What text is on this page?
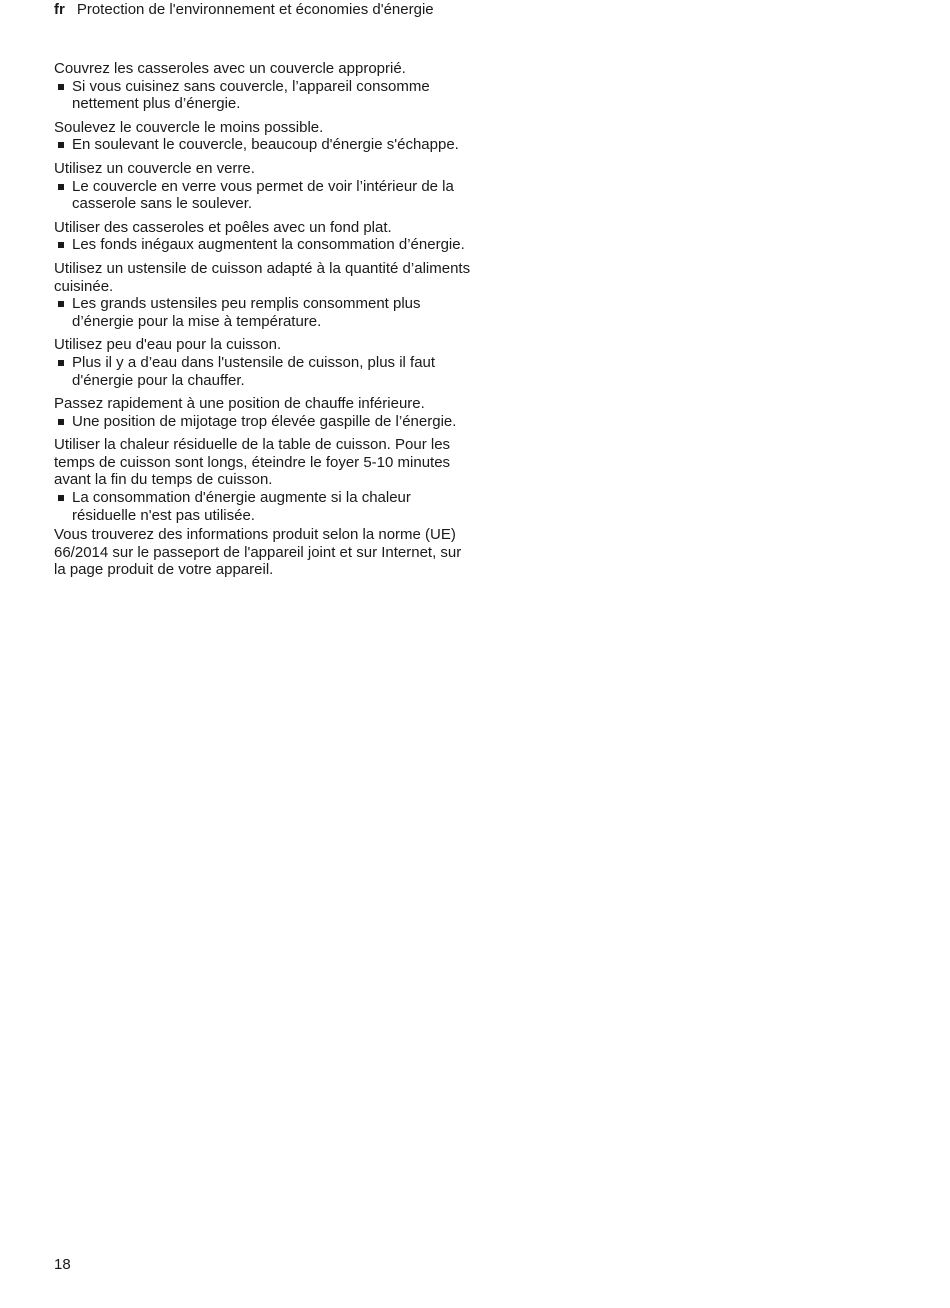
fr Protection de l'environnement et économies d'énergie

Couvrez les casseroles avec un couvercle approprié.

Si vous cuisinez sans couvercle, l’appareil consomme nettement plus d’énergie.

Soulevez le couvercle le moins possible.

En soulevant le couvercle, beaucoup d'énergie s'échappe.

Utilisez un couvercle en verre.

Le couvercle en verre vous permet de voir l’intérieur de la casserole sans le soulever.

Utiliser des casseroles et poêles avec un fond plat.

Les fonds inégaux augmentent la consommation d’énergie.

Utilisez un ustensile de cuisson adapté à la quantité d’aliments cuisinée.

Les grands ustensiles peu remplis consomment plus d’énergie pour la mise à température.

Utilisez peu d'eau pour la cuisson.

Plus il y a d’eau dans l'ustensile de cuisson, plus il faut d'énergie pour la chauffer.

Passez rapidement à une position de chauffe inférieure.

Une position de mijotage trop élevée gaspille de l’énergie.

Utiliser la chaleur résiduelle de la table de cuisson. Pour les temps de cuisson sont longs, éteindre le foyer 5-10 minutes avant la fin du temps de cuisson.

La consommation d'énergie augmente si la chaleur résiduelle n'est pas utilisée.

Vous trouverez des informations produit selon la norme (UE) 66/2014 sur le passeport de l'appareil joint et sur Internet, sur la page produit de votre appareil.

18
